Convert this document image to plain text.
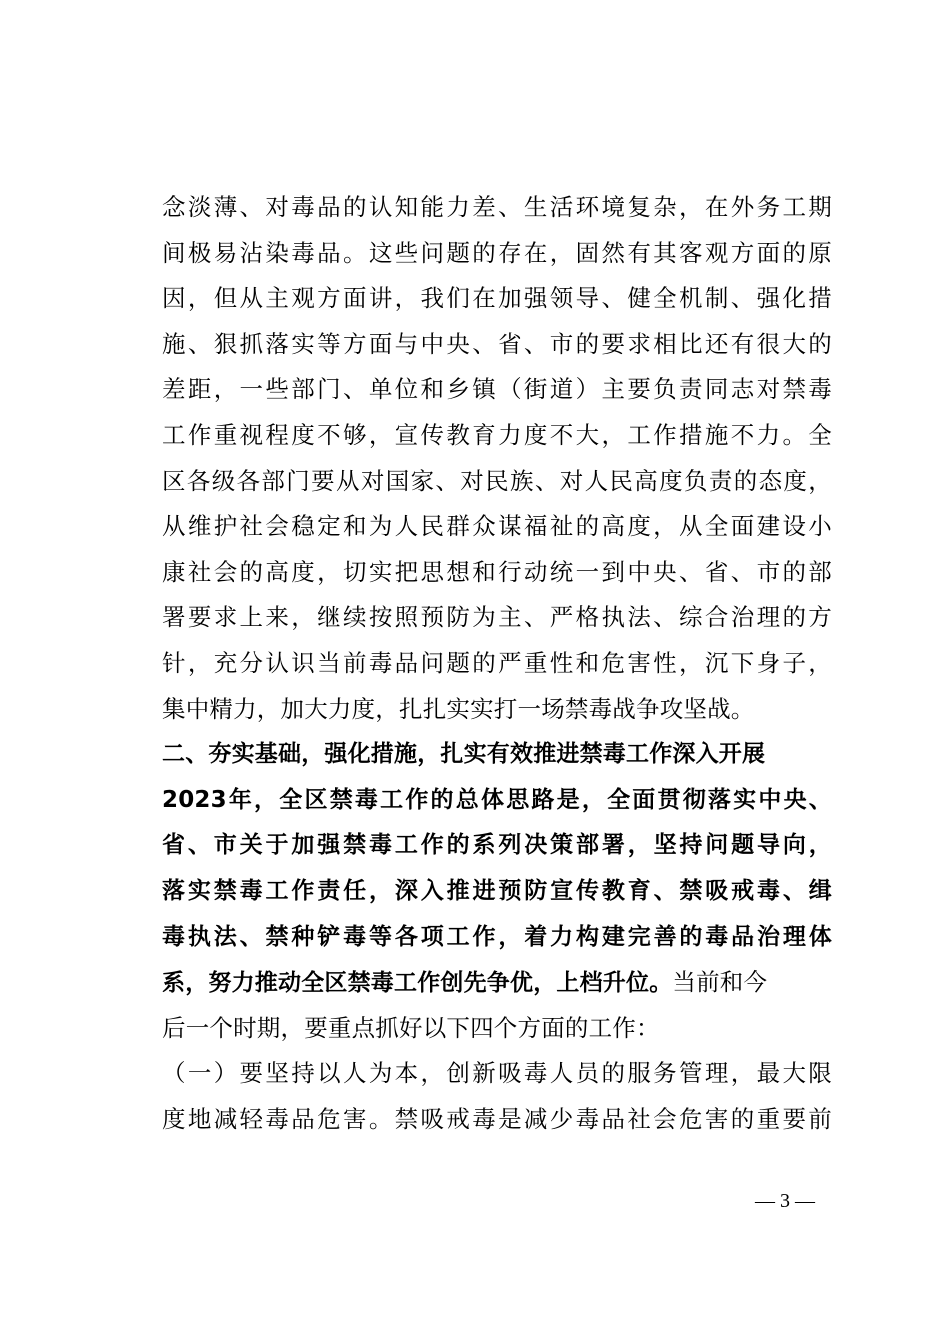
念淡薄、对毒品的认知能力差、生活环境复杂，在外务工期
间极易沾染毒品。这些问题的存在，固然有其客观方面的原
因，但从主观方面讲，我们在加强领导、健全机制、强化措
施、狠抓落实等方面与中央、省、市的要求相比还有很大的
差距，一些部门、单位和乡镇（街道）主要负责同志对禁毒
工作重视程度不够，宣传教育力度不大，工作措施不力。全
区各级各部门要从对国家、对民族、对人民高度负责的态度，
从维护社会稳定和为人民群众谋福祉的高度，从全面建设小
康社会的高度，切实把思想和行动统一到中央、省、市的部
署要求上来，继续按照预防为主、严格执法、综合治理的方
针，充分认识当前毒品问题的严重性和危害性，沉下身子，
集中精力，加大力度，扎扎实实打一场禁毒战争攻坚战。
二、夯实基础，强化措施，扎实有效推进禁毒工作深入开展
2023年，全区禁毒工作的总体思路是，全面贯彻落实中央、
省、市关于加强禁毒工作的系列决策部署，坚持问题导向，
落实禁毒工作责任，深入推进预防宣传教育、禁吸戒毒、缉
毒执法、禁种铲毒等各项工作，着力构建完善的毒品治理体
系，努力推动全区禁毒工作创先争优，上档升位。当前和今
后一个时期，要重点抓好以下四个方面的工作：
（一）要坚持以人为本，创新吸毒人员的服务管理，最大限
度地减轻毒品危害。禁吸戒毒是减少毒品社会危害的重要前
— 3 —
